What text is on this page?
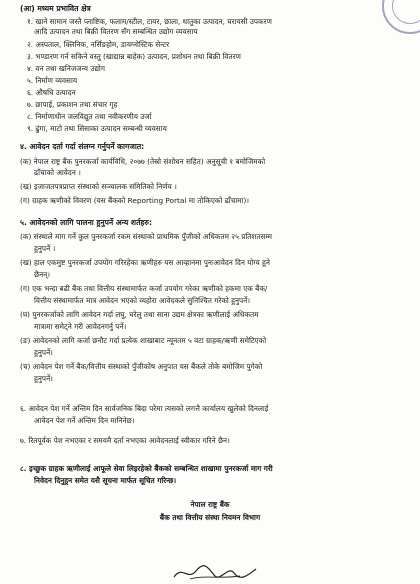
(आ) मध्यम प्रभावित क्षेत्र
१. खाने सामान जस्तै प्लाष्टिक, फलाम/स्टील, टायर, छाला, धातुका उत्पादन, घरायसी उपकरण
आदि उत्पादन तथा बिक्री वितरण सँग सम्बन्धित उद्योग व्यवसाय
२. अस्पताल, क्लिनिक, नर्सिङहोम, डायग्नोस्टिक सेन्टर
३. भण्डारण गर्न सकिने वस्तु (खाद्यान्न बाहेक) उत्पादन, प्रशोधन तथा बिक्री वितरण
४. वन तथा खनिजजन्य उद्योग
५. निर्माण व्यवसाय
६. औषधि उत्पादन
७. छापाई, प्रकाशन तथा संचार गृह
८. निर्माणाधीन जलविद्युत तथा नवीकरणीय उर्जा
९. ढुंगा, माटो तथा सिसाका उत्पादन सम्बन्धी व्यवसाय
४. आवेदन दर्ता गर्दा संलग्न गर्नुपर्ने कागजात:
(क) नेपाल राष्ट्र बैंक पुनरकर्जा कार्यविधि, २०७७ (तेस्रो संशोधन सहित) अनुसूची १ बमोजिमको
ढाँचाको आवेदन ।
(ख) इजाजतपत्रप्राप्त संस्थाको सञ्चालक समितिको निर्णय ।
(ग) ग्राहक ऋणीको विवरण (यस बैंकको Reporting Portal मा तोकिएको ढाँचामा)।
५. आवेदनको लागि पालना हुनुपर्ने अन्य शर्तहरु:
(क) संस्थाले माग गर्ने कुल पुनरकर्जा रकम संस्थाको प्राथमिक पुँजीको अधिकतम २५ प्रतिशतसम्म
हुनुपर्ने ।
(ख) हाल एकमुष्ट पुनरकर्जा उपयोग गरिरहेका ऋणीहरु यस आव्हानमा पुनःआवेदन दिन योग्य हुने
छैनन्।
(ग) एक भन्दा बढी बैंक तथा वित्तीय संस्थामार्फत कर्जा उपयोग गरेका ऋणीको हकमा एक बैंक/
वित्तीय संस्थामार्फत मात्र आवेदन भएको व्यहोरा आवेदकले सुनिश्चित गरेको हुनुपर्ने।
(घ) पुनरकर्जाको लागि आवेदन गर्दा लघु, घरेलु तथा साना उद्यम क्षेत्रका ऋणीलाई अधिकतम
मात्रामा समेट्ने गरी आवेदनगर्नु पर्ने।
(ङ) आवेदनको लागि कर्जा छनौट गर्दा प्रत्येक शाखाबाट न्यूनतम ५ वटा ग्राहक/ऋणी समेटिएको
हुनुपर्ने।
(च) आवेदन पेश गर्ने बैंक/वित्तीय संस्थाको पुँजीकोष अनुपात यस बैंकले तोके बमोजिम पुगेको
हुनुपर्ने।
६. आवेदन पेश गर्ने अन्तिम दिन सार्वजनिक बिदा परेमा त्यसको लगत्तै कार्यालय खुलेको दिनलाई
आवेदन पेश गर्ने अन्तिम दिन मानिनेछ।
७. रितपूर्वक पेश नभएका र समयमै दर्ता नभएका आवेदनलाई स्वीकार गरिने छैन।
८. इच्छुक ग्राहक ऋणीलाई आफूले सेवा लिइरहेको बैंकको सम्बन्धित शाखामा पुनरकर्जा माग गरी
निवेदन दिनुहुन समेत यसै सूचना मार्फत सूचित गरिन्छ।
नेपाल राष्ट्र बैंक
बैंक तथा वित्तीय संस्था नियमन विभाग
